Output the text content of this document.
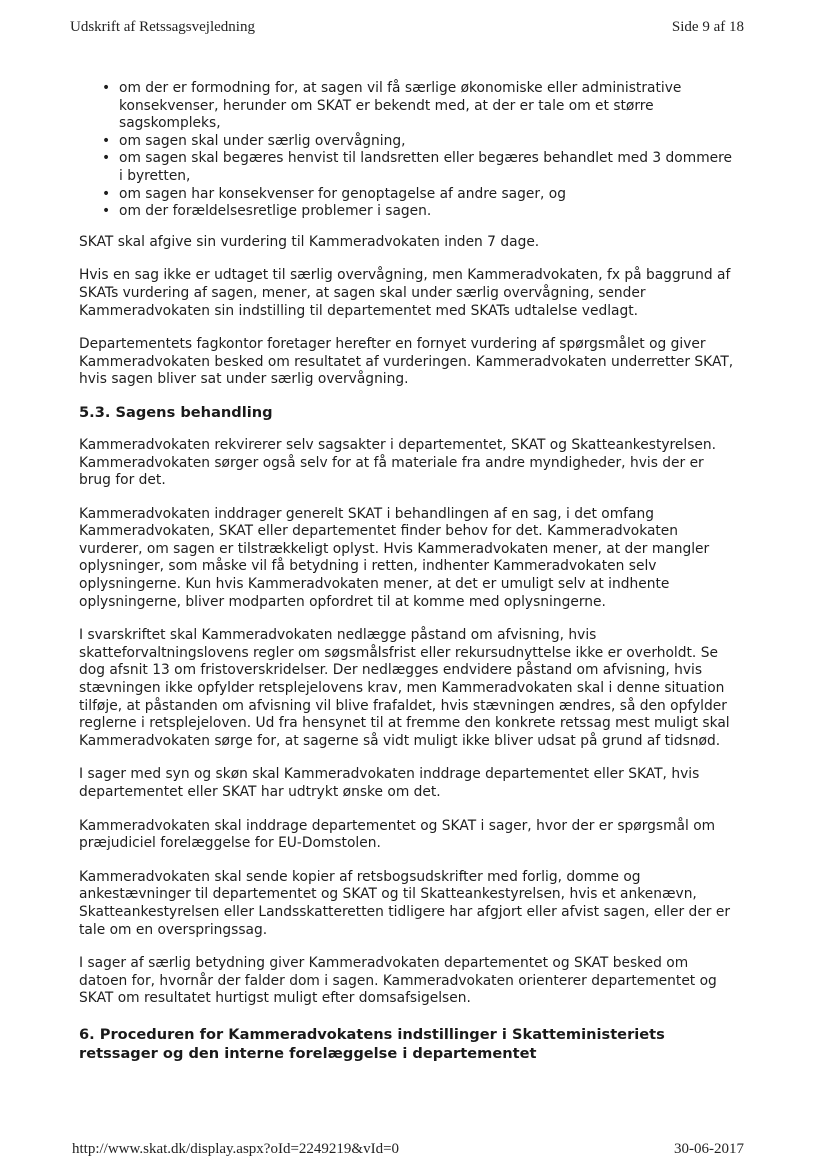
Udskrift af Retssagsvejledning	Side 9 af 18
• om der er formodning for, at sagen vil få særlige økonomiske eller administrative konsekvenser, herunder om SKAT er bekendt med, at der er tale om et større sagskompleks,
• om sagen skal under særlig overvågning,
• om sagen skal begæres henvist til landsretten eller begæres behandlet med 3 dommere i byretten,
• om sagen har konsekvenser for genoptagelse af andre sager, og
• om der forældelsesretlige problemer i sagen.

SKAT skal afgive sin vurdering til Kammeradvokaten inden 7 dage.

Hvis en sag ikke er udtaget til særlig overvågning, men Kammeradvokaten, fx på baggrund af SKATs vurdering af sagen, mener, at sagen skal under særlig overvågning, sender Kammeradvokaten sin indstilling til departementet med SKATs udtalelse vedlagt.

Departementets fagkontor foretager herefter en fornyet vurdering af spørgsmålet og giver Kammeradvokaten besked om resultatet af vurderingen. Kammeradvokaten underretter SKAT, hvis sagen bliver sat under særlig overvågning.

5.3. Sagens behandling

Kammeradvokaten rekvirerer selv sagsakter i departementet, SKAT og Skatteankestyrelsen. Kammeradvokaten sørger også selv for at få materiale fra andre myndigheder, hvis der er brug for det.

Kammeradvokaten inddrager generelt SKAT i behandlingen af en sag, i det omfang Kammeradvokaten, SKAT eller departementet finder behov for det. Kammeradvokaten vurderer, om sagen er tilstrækkeligt oplyst. Hvis Kammeradvokaten mener, at der mangler oplysninger, som måske vil få betydning i retten, indhenter Kammeradvokaten selv oplysningerne. Kun hvis Kammeradvokaten mener, at det er umuligt selv at indhente oplysningerne, bliver modparten opfordret til at komme med oplysningerne.

I svarskriftet skal Kammeradvokaten nedlægge påstand om afvisning, hvis skatteforvaltningslovens regler om søgsmålsfrist eller rekursudnyttelse ikke er overholdt. Se dog afsnit 13 om fristoverskridelser. Der nedlægges endvidere påstand om afvisning, hvis stævningen ikke opfylder retsplejelovens krav, men Kammeradvokaten skal i denne situation tilføje, at påstanden om afvisning vil blive frafaldet, hvis stævningen ændres, så den opfylder reglerne i retsplejeloven. Ud fra hensynet til at fremme den konkrete retssag mest muligt skal Kammeradvokaten sørge for, at sagerne så vidt muligt ikke bliver udsat på grund af tidsnød.

I sager med syn og skøn skal Kammeradvokaten inddrage departementet eller SKAT, hvis departementet eller SKAT har udtrykt ønske om det.

Kammeradvokaten skal inddrage departementet og SKAT i sager, hvor der er spørgsmål om præjudiciel forelæggelse for EU-Domstolen.

Kammeradvokaten skal sende kopier af retsbogsudskrifter med forlig, domme og ankestævninger til departementet og SKAT og til Skatteankestyrelsen, hvis et ankenævn, Skatteankestyrelsen eller Landsskatteretten tidligere har afgjort eller afvist sagen, eller der er tale om en overspringssag.

I sager af særlig betydning giver Kammeradvokaten departementet og SKAT besked om datoen for, hvornår der falder dom i sagen. Kammeradvokaten orienterer departementet og SKAT om resultatet hurtigst muligt efter domsafsigelsen.

6. Proceduren for Kammeradvokatens indstillinger i Skatteministeriets retssager og den interne forelæggelse i departementet
http://www.skat.dk/display.aspx?oId=2249219&vId=0	30-06-2017
